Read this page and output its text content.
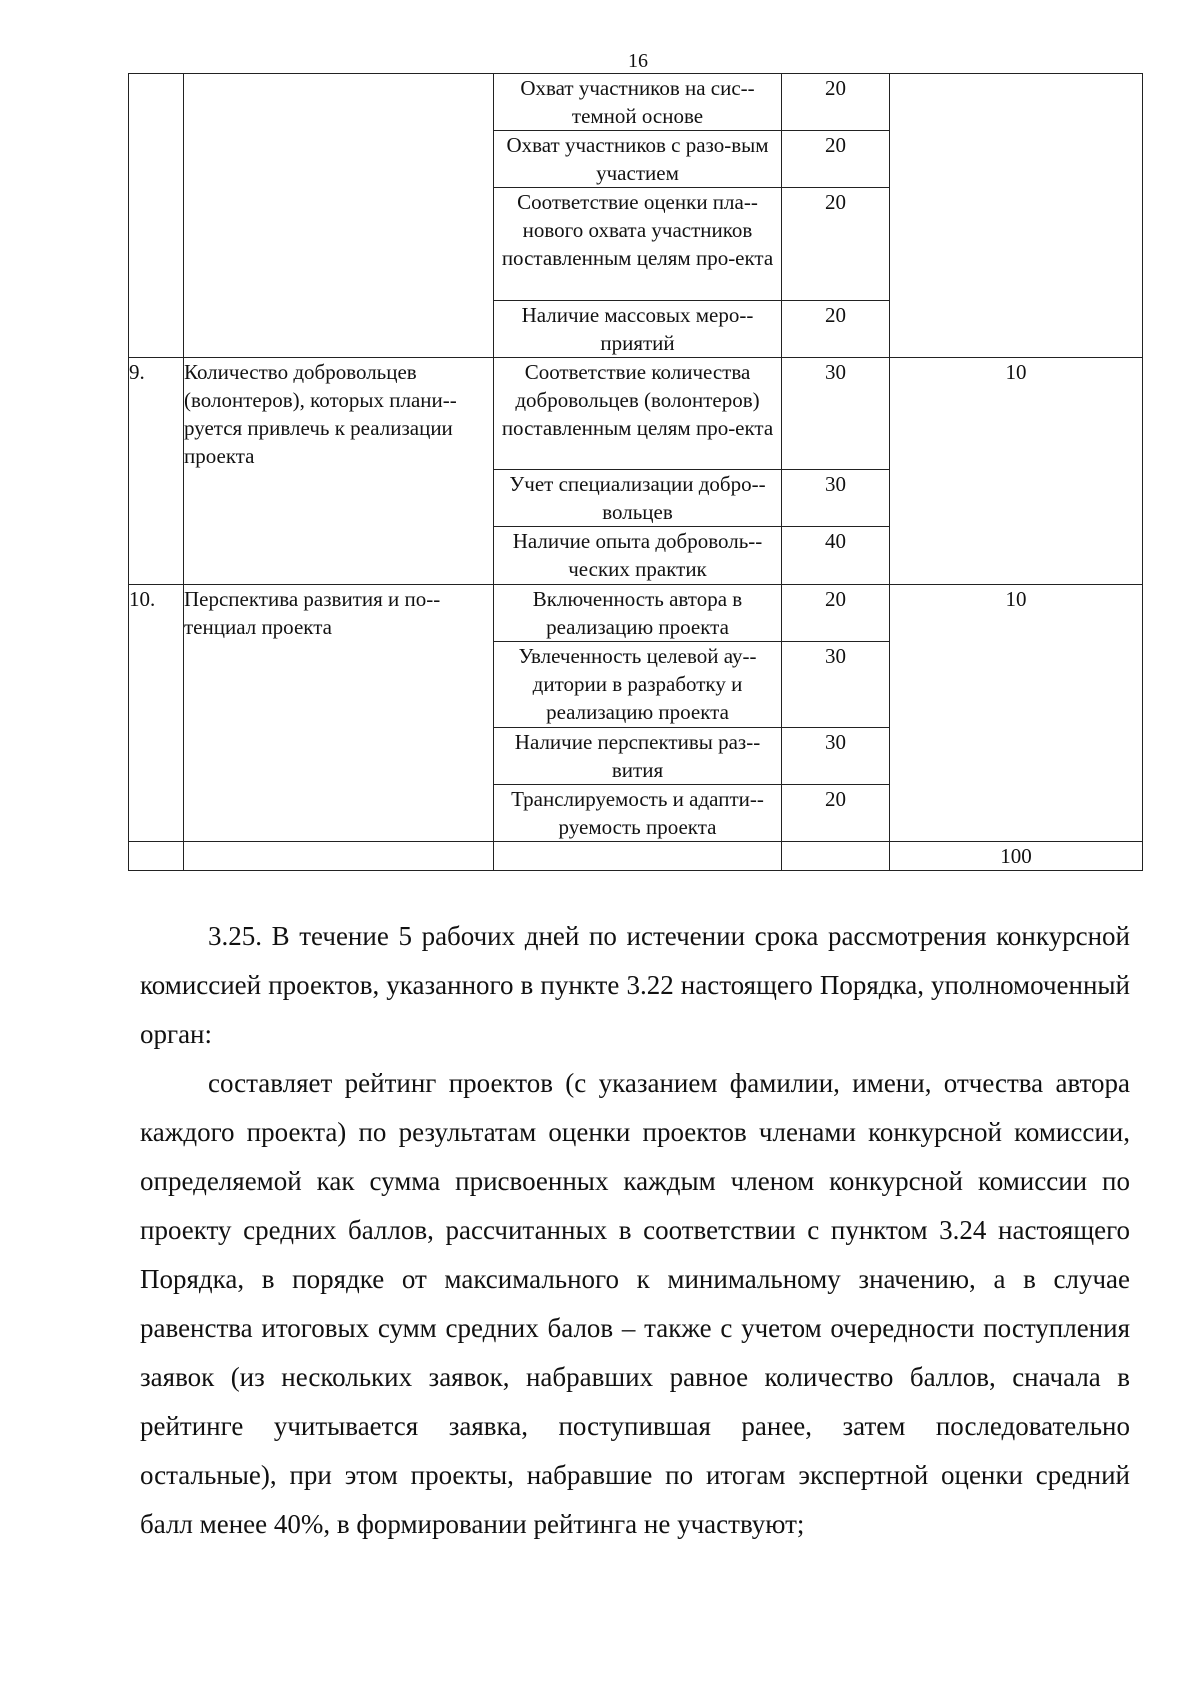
16
		Охват участников на сис-темной основе	20	
		Охват участников с разо-вым участием	20	
		Соответствие оценки пла-нового охвата участников поставленным целям про-екта	20	
		Наличие массовых меро-приятий	20	
9.	Количество добровольцев (волонтеров), которых плани-руется привлечь к реализации проекта	Соответствие количества добровольцев (волонтеров) поставленным целям про-екта	30	10
		Учет специализации добро-вольцев	30	
		Наличие опыта доброволь-ческих практик	40	
10.	Перспектива развития и по-тенциал проекта	Включенность автора в реализацию проекта	20	10
		Увлеченность целевой ау-дитории в разработку и реализацию проекта	30	
		Наличие перспективы раз-вития	30	
		Транслируемость и адапти-руемость проекта	20	
				100

3.25. В течение 5 рабочих дней по истечении срока рассмотрения конкурсной комиссией проектов, указанного в пункте 3.22 настоящего Порядка, уполномоченный орган:

составляет рейтинг проектов (с указанием фамилии, имени, отчества автора каждого проекта) по результатам оценки проектов членами конкурсной комиссии, определяемой как сумма присвоенных каждым членом конкурсной комиссии по проекту средних баллов, рассчитанных в соответствии с пунктом 3.24 настоящего Порядка, в порядке от максимального к минимальному значению, а в случае равенства итоговых сумм средних балов – также с учетом очередности поступления заявок (из нескольких заявок, набравших равное количество баллов, сначала в рейтинге учитывается заявка, поступившая ранее, затем последовательно остальные), при этом проекты, набравшие по итогам экспертной оценки средний балл менее 40%, в формировании рейтинга не участвуют;
